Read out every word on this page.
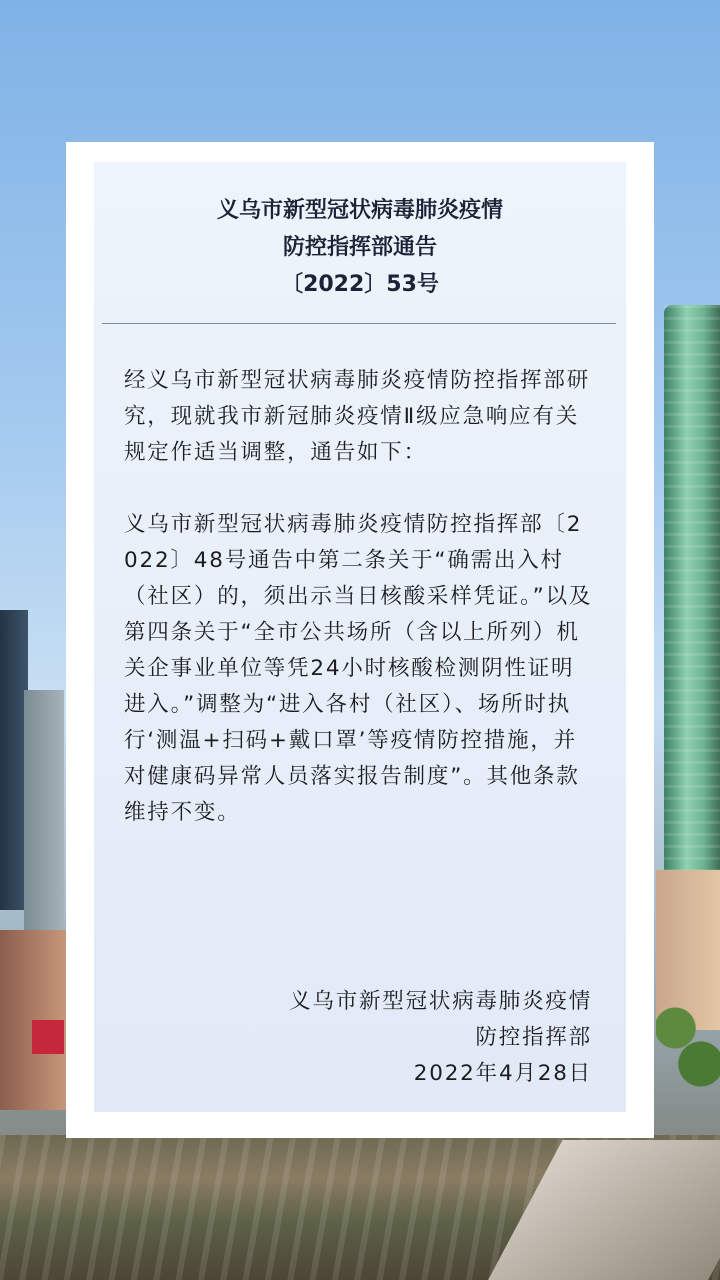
义乌市新型冠状病毒肺炎疫情
防控指挥部通告
〔2022〕53号

经义乌市新型冠状病毒肺炎疫情防控指挥部研究，现就我市新冠肺炎疫情Ⅱ级应急响应有关规定作适当调整，通告如下：

义乌市新型冠状病毒肺炎疫情防控指挥部〔2022〕48号通告中第二条关于“确需出入村（社区）的，须出示当日核酸采样凭证。”以及第四条关于“全市公共场所（含以上所列）机关企事业单位等凭24小时核酸检测阴性证明进入。”调整为“进入各村（社区）、场所时执行‘测温+扫码+戴口罩’等疫情防控措施，并对健康码异常人员落实报告制度”。其他条款维持不变。

义乌市新型冠状病毒肺炎疫情
防控指挥部
2022年4月28日
